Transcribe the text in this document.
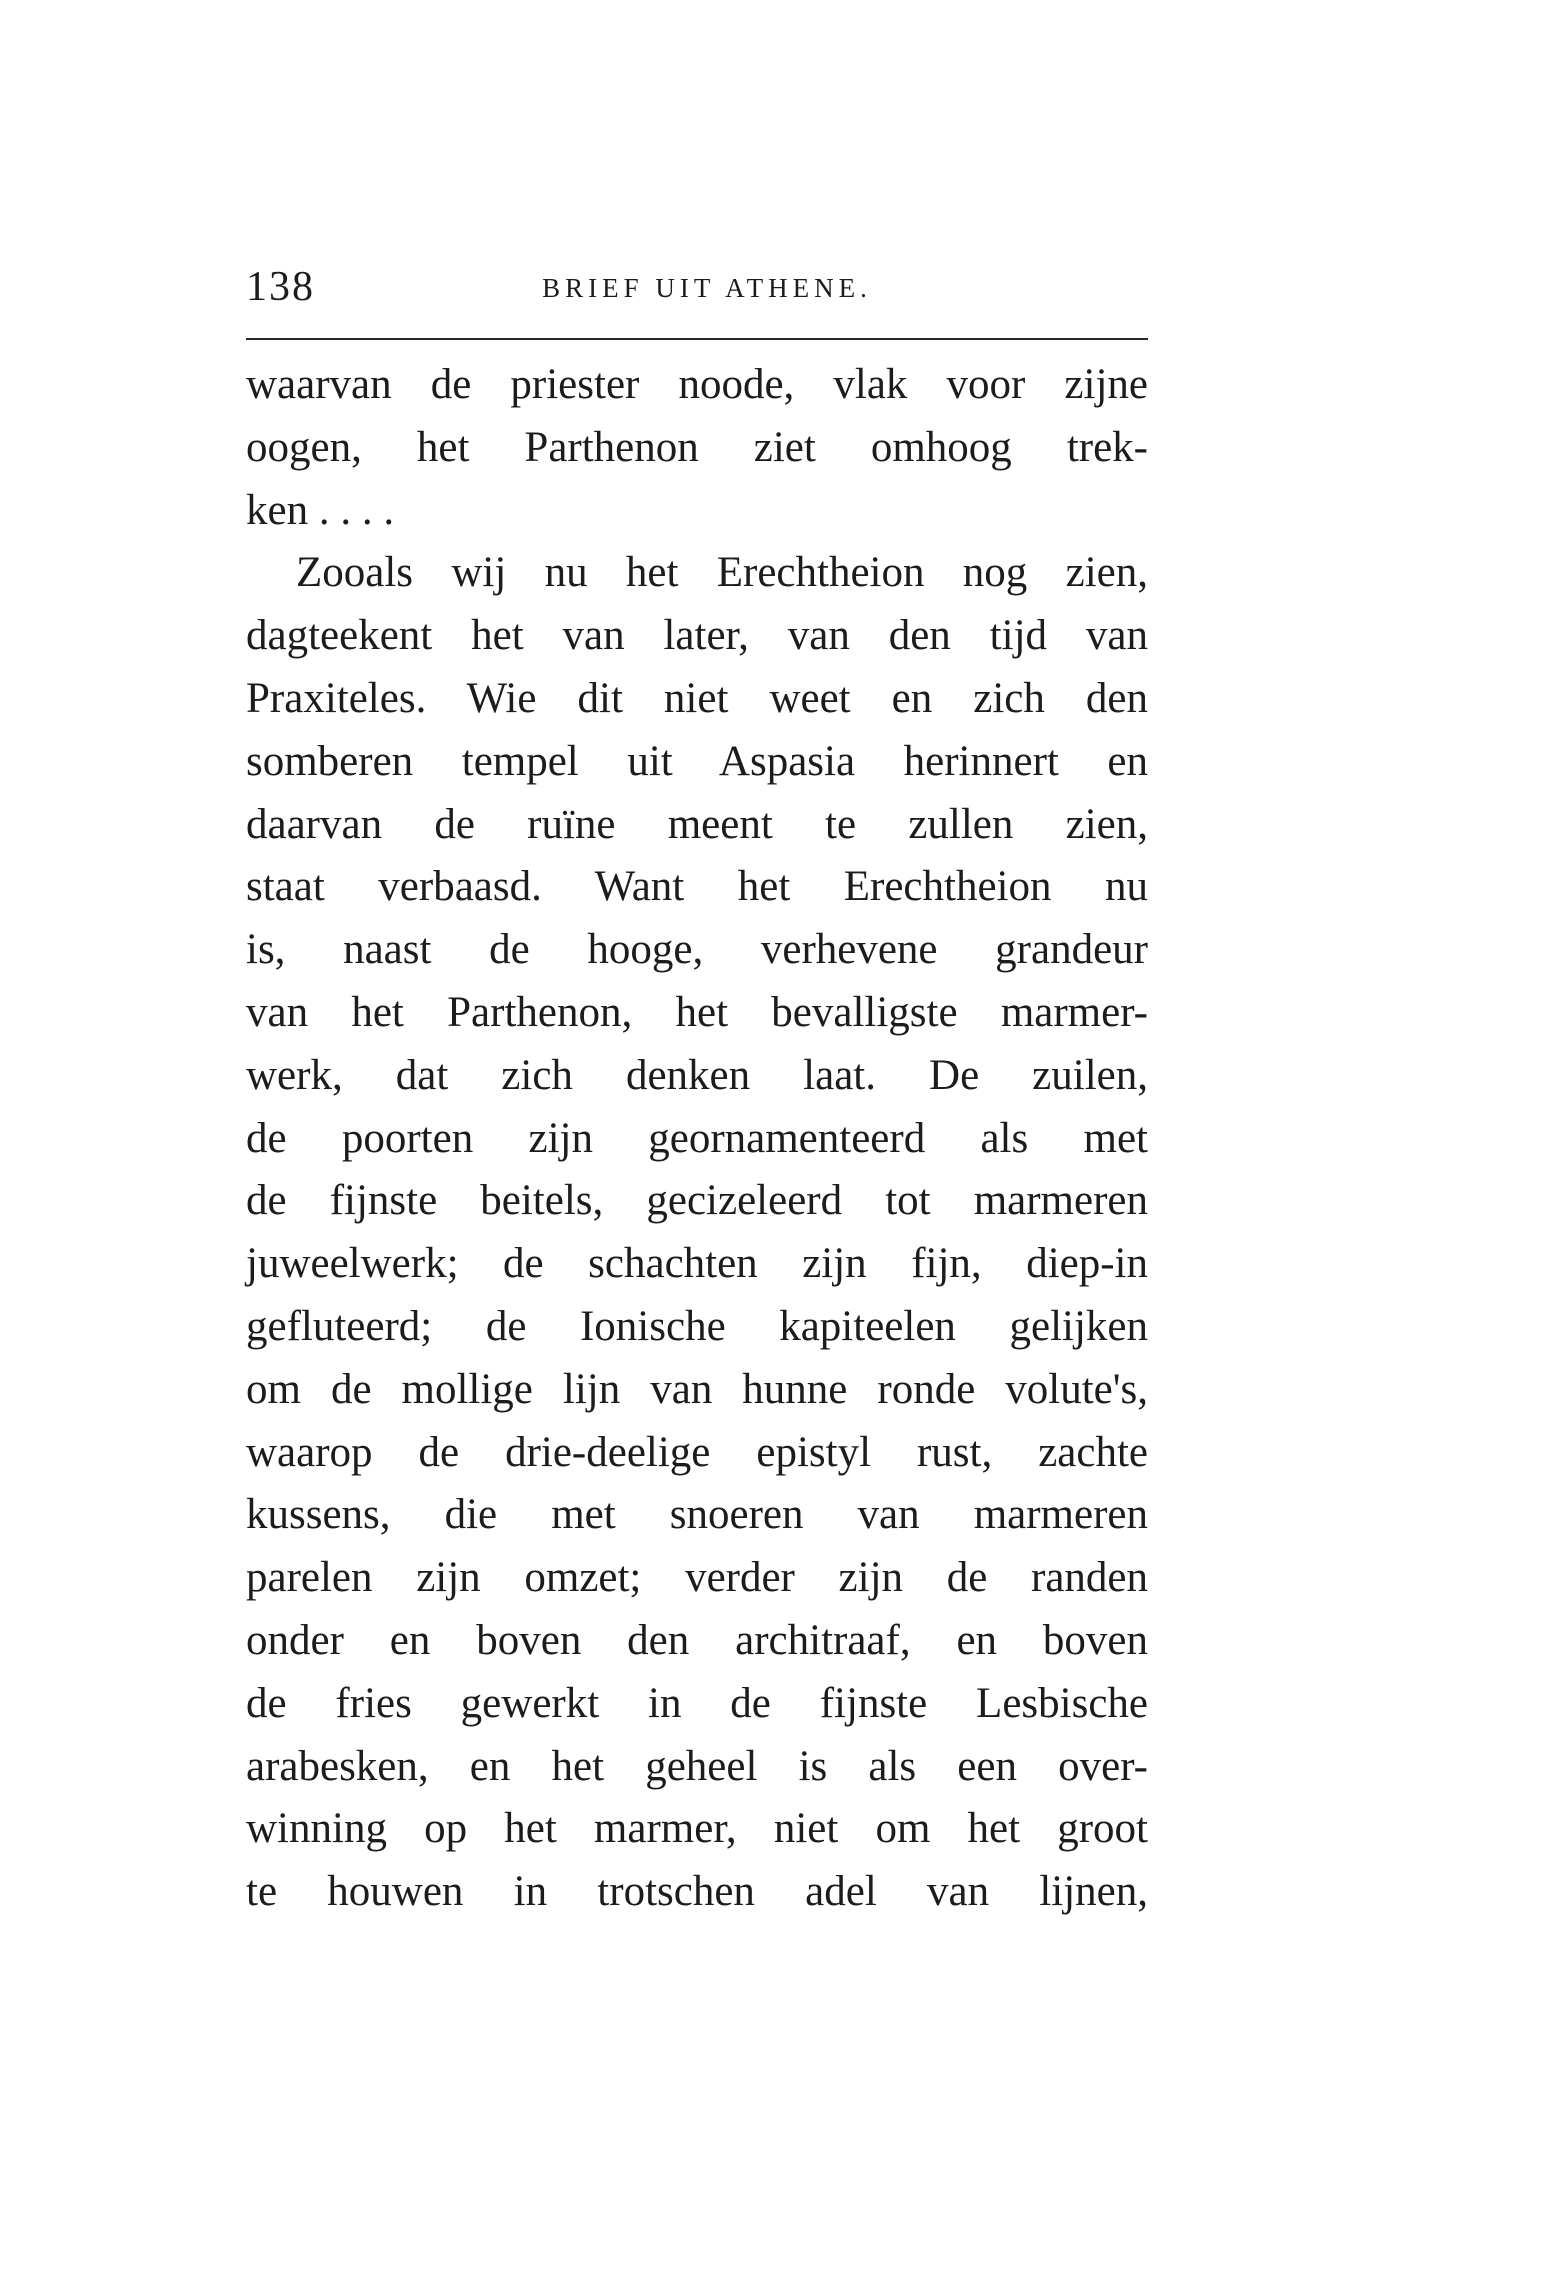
138	BRIEF UIT ATHENE.
waarvan de priester noode, vlak voor zijne
oogen, het Parthenon ziet omhoog trek-
ken . . . .
Zooals wij nu het Erechtheion nog zien,
dagteekent het van later, van den tijd van
Praxiteles. Wie dit niet weet en zich den
somberen tempel uit Aspasia herinnert en
daarvan de ruïne meent te zullen zien,
staat verbaasd. Want het Erechtheion nu
is, naast de hooge, verhevene grandeur
van het Parthenon, het bevalligste marmer-
werk, dat zich denken laat. De zuilen,
de poorten zijn geornamenteerd als met
de fijnste beitels, gecizeleerd tot marmeren
juweelwerk; de schachten zijn fijn, diep-in
gefluteerd; de Ionische kapiteelen gelijken
om de mollige lijn van hunne ronde volute's,
waarop de drie-deelige epistyl rust, zachte
kussens, die met snoeren van marmeren
parelen zijn omzet; verder zijn de randen
onder en boven den architraaf, en boven
de fries gewerkt in de fijnste Lesbische
arabesken, en het geheel is als een over-
winning op het marmer, niet om het groot
te houwen in trotschen adel van lijnen,
